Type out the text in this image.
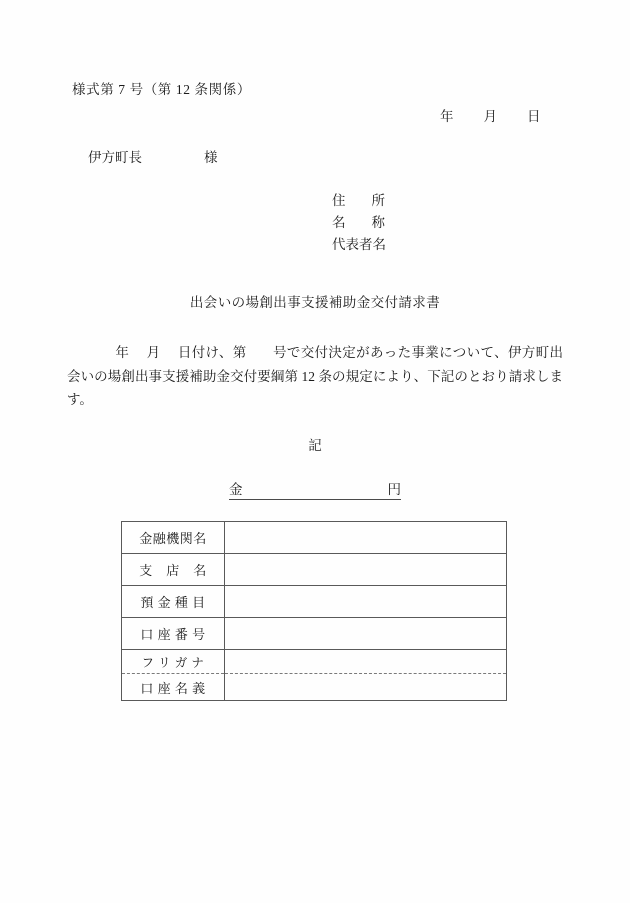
様式第 7 号（第 12 条関係）
年 月 日
伊方町長	様
住 所
名 称
代表者名
出会いの場創出事支援補助金交付請求書
年 月 日付け、第 号で交付決定があった事業について、伊方町出会いの場創出事支援補助金交付要綱第 12 条の規定により、下記のとおり請求します。
記
金	円
金融機関名	
支　店　名	
預 金 種 目	
口 座 番 号	
フ リ ガ ナ	
口 座 名 義	
